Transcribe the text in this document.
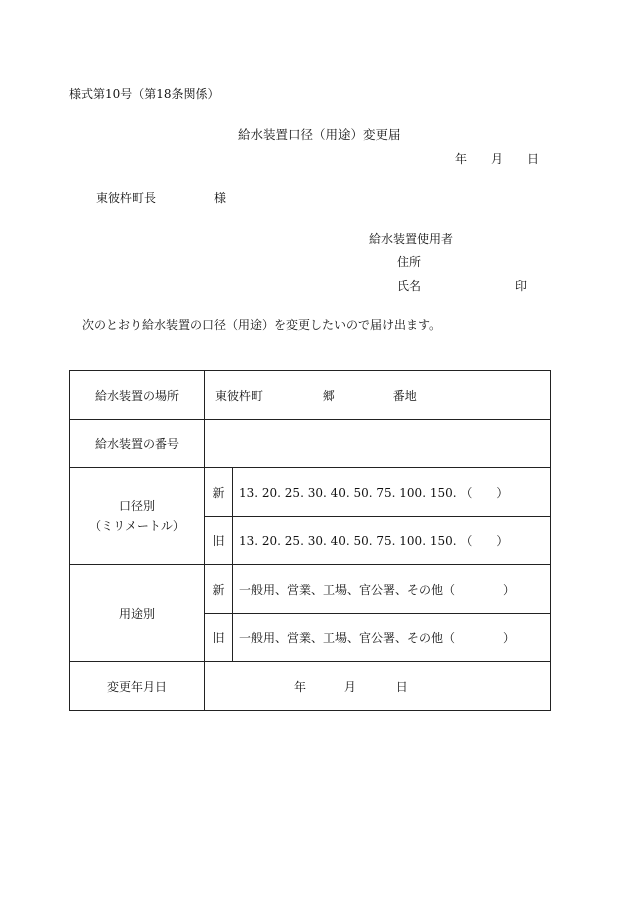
様式第10号（第18条関係）
給水装置口径（用途）変更届
年 月 日
東彼杵町長	様
給水装置使用者
住所
氏名	印
次のとおり給水装置の口径（用途）を変更したいので届け出ます。
給水装置の場所	東彼杵町 郷 番地	
給水装置の番号		

口径別
（ミリメートル）	新	13. 20. 25. 30. 40. 50. 75. 100. 150. （　　）
	旧	13. 20. 25. 30. 40. 50. 75. 100. 150. （　　）
用途別	新	一般用、営業、工場、官公署、その他（　　　　）
	旧	一般用、営業、工場、官公署、その他（　　　　）
変更年月日	年 月 日	
